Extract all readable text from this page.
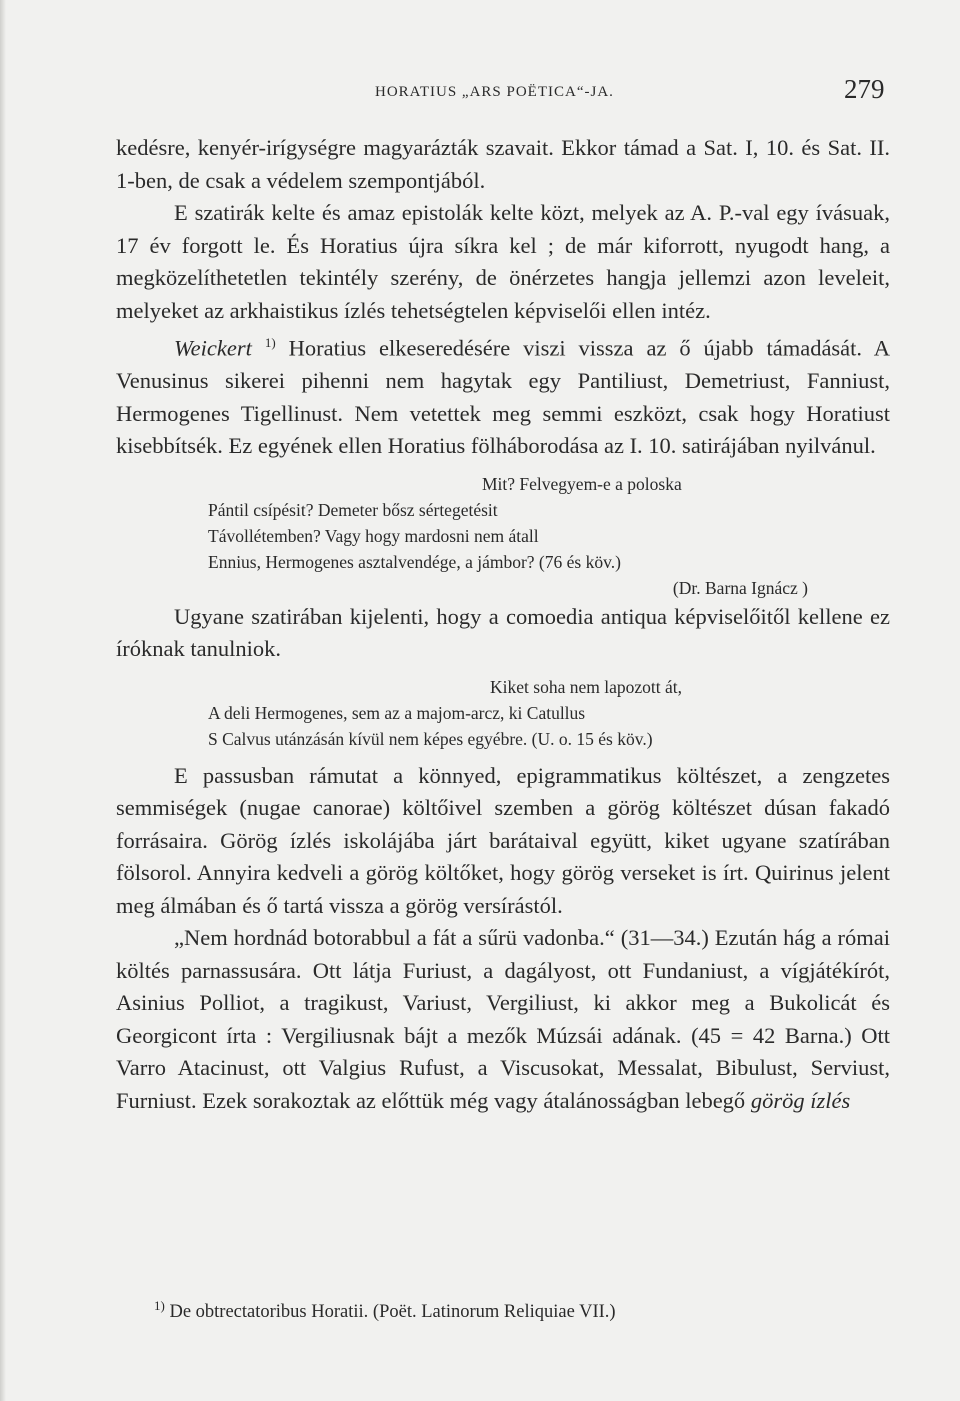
HORATIUS „ARS POËTICA“-JA.	279

kedésre, kenyér-irígységre magyarázták szavait. Ekkor támad a Sat. I, 10. és Sat. II. 1-ben, de csak a védelem szempontjából.

E szatirák kelte és amaz epistolák kelte közt, melyek az A. P.-val egy ívásuak, 17 év forgott le. És Horatius újra síkra kel ; de már kiforrott, nyugodt hang, a megközelíthetetlen tekintély szerény, de önérzetes hangja jellemzi azon leveleit, melyeket az arkhaistikus ízlés tehetségtelen képviselői ellen intéz.

Weickert $^{1)}$ Horatius elkeseredésére viszi vissza az ő újabb támadását. A Venusinus sikerei pihenni nem hagytak egy Pantiliust, Demetriust, Fanniust, Hermogenes Tigellinust. Nem vetettek meg semmi eszközt, csak hogy Horatiust kisebbítsék. Ez egyének ellen Horatius fölháborodása az I. 10. satirájában nyilvánul.

Mit? Felvegyem-e a poloska

Pántil csípésit? Demeter bősz sértegetésit

Távollétemben? Vagy hogy mardosni nem átall

Ennius, Hermogenes asztalvendége, a jámbor? (76 és köv.)

(Dr. Barna Ignácz )

Ugyane szatirában kijelenti, hogy a comoedia antiqua képviselőitől kellene ez íróknak tanulniok.

Kiket soha nem lapozott át,

A deli Hermogenes, sem az a majom-arcz, ki Catullus

S Calvus utánzásán kívül nem képes egyébre. (U. o. 15 és köv.)

E passusban rámutat a könnyed, epigrammatikus költészet, a zengzetes semmiségek (nugae canorae) költőivel szemben a görög költészet dúsan fakadó forrásaira. Görög ízlés iskolájába járt barátaival együtt, kiket ugyane szatírában fölsorol. Annyira kedveli a görög költőket, hogy görög verseket is írt. Quirinus jelent meg álmában és ő tartá vissza a görög versírástól.

„Nem hordnád botorabbul a fát a sűrü vadonba.“ (31—34.) Ezután hág a római költés parnassusára. Ott látja Furiust, a dagályost, ott Fundaniust, a vígjátékírót, Asinius Polliot, a tragikust, Variust, Vergiliust, ki akkor meg a Bukolicát és Georgicont írta : Vergiliusnak bájt a mezők Múzsái adának. (45 = 42 Barna.) Ott Varro Atacinust, ott Valgius Rufust, a Viscusokat, Messalat, Bibulust, Serviust, Furniust. Ezek sorakoztak az előttük még vagy átalánosságban lebegő görög ízlés

$^{1)}$ De obtrectatoribus Horatii. (Poët. Latinorum Reliquiae VII.)
